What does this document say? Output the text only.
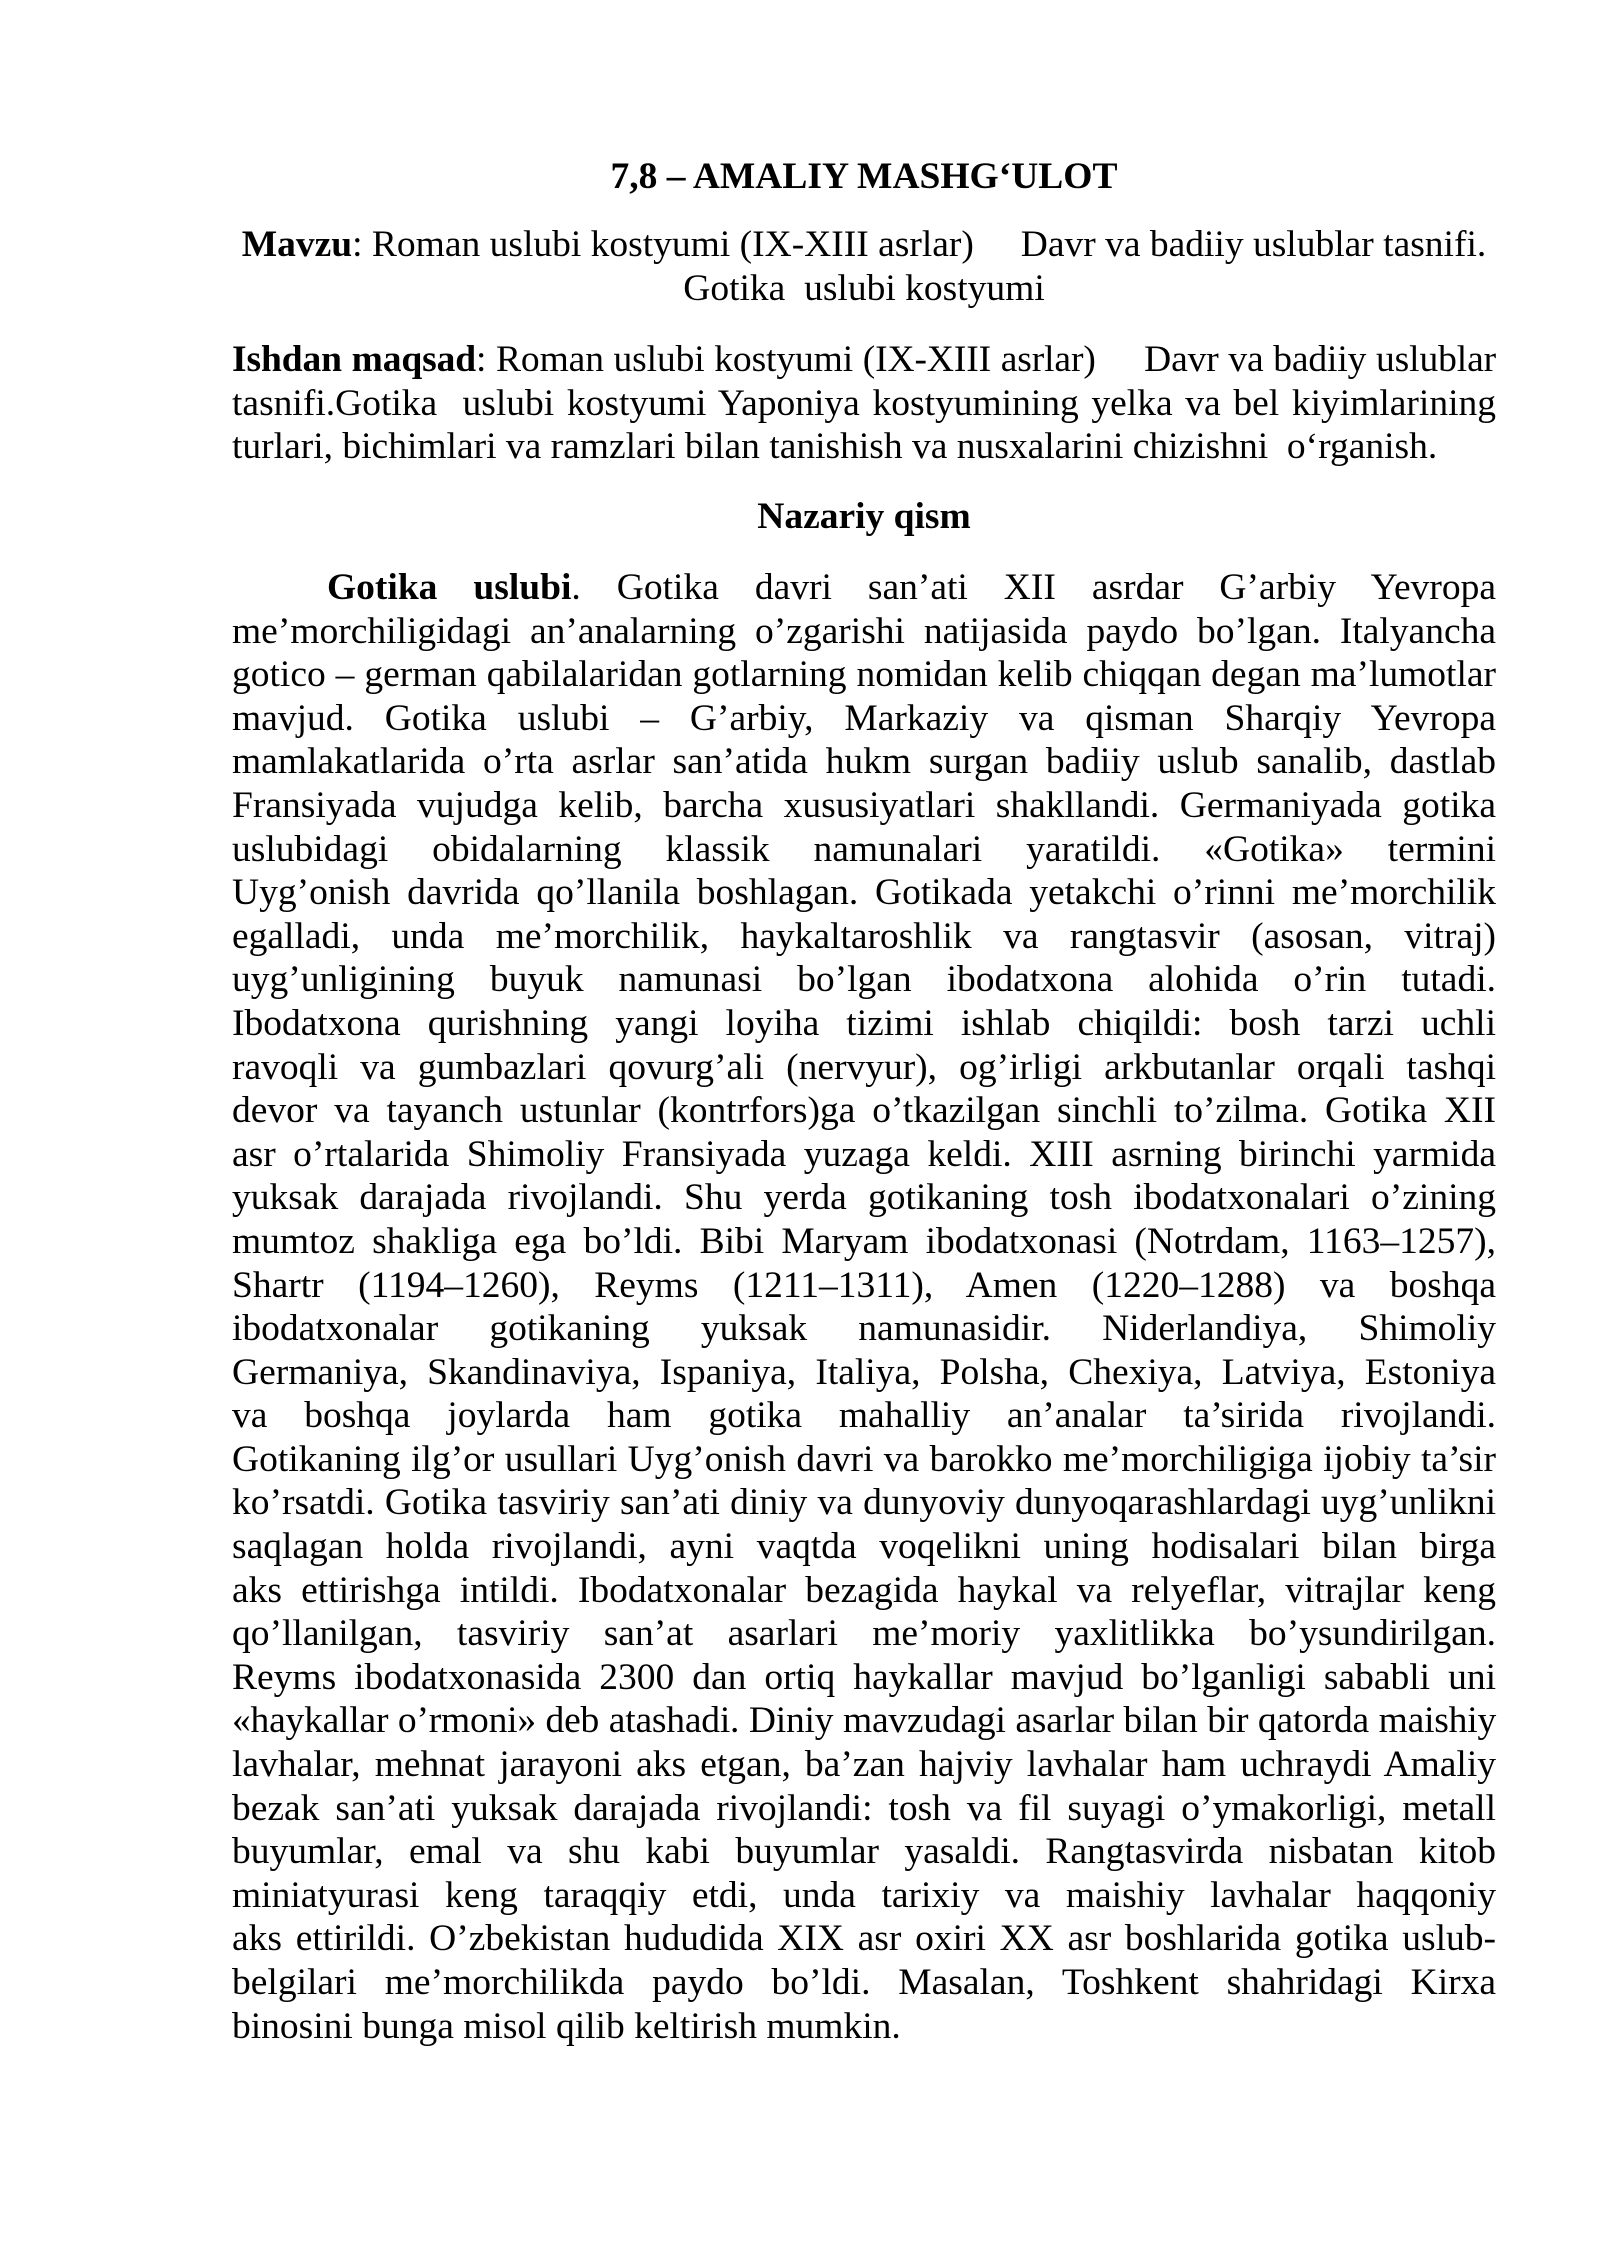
7,8 – AMALIY MASHG‘ULOT
Mavzu: Roman uslubi kostyumi (IX-XIII asrlar)     Davr va badiiy uslublar tasnifi.
Gotika  uslubi kostyumi
Ishdan maqsad: Roman uslubi kostyumi (IX-XIII asrlar)     Davr va badiiy uslublar
tasnifi.Gotika  uslubi kostyumi Yaponiya kostyumining yelka va bel kiyimlarining
turlari, bichimlari va ramzlari bilan tanishish va nusxalarini chizishni  o‘rganish.
Nazariy qism
Gotika uslubi. Gotika davri san’ati XII asrdar G’arbiy Yevropa
me’morchiligidagi an’analarning o’zgarishi natijasida paydo bo’lgan. Italyancha
gotico – german qabilalaridan gotlarning nomidan kelib chiqqan degan ma’lumotlar
mavjud. Gotika uslubi – G’arbiy, Markaziy va qisman Sharqiy Yevropa
mamlakatlarida o’rta asrlar san’atida hukm surgan badiiy uslub sanalib, dastlab
Fransiyada vujudga kelib, barcha xususiyatlari shakllandi. Germaniyada gotika
uslubidagi obidalarning klassik namunalari yaratildi. «Gotika» termini
Uyg’onish davrida qo’llanila boshlagan. Gotikada yetakchi o’rinni me’morchilik
egalladi, unda me’morchilik, haykaltaroshlik va rangtasvir (asosan, vitraj)
uyg’unligining buyuk namunasi bo’lgan ibodatxona alohida o’rin tutadi.
Ibodatxona qurishning yangi loyiha tizimi ishlab chiqildi: bosh tarzi uchli
ravoqli va gumbazlari qovurg’ali (nervyur), og’irligi arkbutanlar orqali tashqi
devor va tayanch ustunlar (kontrfors)ga o’tkazilgan sinchli to’zilma. Gotika XII
asr o’rtalarida Shimoliy Fransiyada yuzaga keldi. XIII asrning birinchi yarmida
yuksak darajada rivojlandi. Shu yerda gotikaning tosh ibodatxonalari o’zining
mumtoz shakliga ega bo’ldi. Bibi Maryam ibodatxonasi (Notrdam, 1163–1257),
Shartr (1194–1260), Reyms (1211–1311), Amen (1220–1288) va boshqa
ibodatxonalar gotikaning yuksak namunasidir. Niderlandiya, Shimoliy
Germaniya, Skandinaviya, Ispaniya, Italiya, Polsha, Chexiya, Latviya, Estoniya
va boshqa joylarda ham gotika mahalliy an’analar ta’sirida rivojlandi.
Gotikaning ilg’or usullari Uyg’onish davri va barokko me’morchiligiga ijobiy ta’sir
ko’rsatdi. Gotika tasviriy san’ati diniy va dunyoviy dunyoqarashlardagi uyg’unlikni
saqlagan holda rivojlandi, ayni vaqtda voqelikni uning hodisalari bilan birga
aks ettirishga intildi. Ibodatxonalar bezagida haykal va relyeflar, vitrajlar keng
qo’llanilgan, tasviriy san’at asarlari me’moriy yaxlitlikka bo’ysundirilgan.
Reyms ibodatxonasida 2300 dan ortiq haykallar mavjud bo’lganligi sababli uni
«haykallar o’rmoni» deb atashadi. Diniy mavzudagi asarlar bilan bir qatorda maishiy
lavhalar, mehnat jarayoni aks etgan, ba’zan hajviy lavhalar ham uchraydi Amaliy
bezak san’ati yuksak darajada rivojlandi: tosh va fil suyagi o’ymakorligi, metall
buyumlar, emal va shu kabi buyumlar yasaldi. Rangtasvirda nisbatan kitob
miniatyurasi keng taraqqiy etdi, unda tarixiy va maishiy lavhalar haqqoniy
aks ettirildi. O’zbekistan hududida XIX asr oxiri XX asr boshlarida gotika uslub-
belgilari me’morchilikda paydo bo’ldi. Masalan, Toshkent shahridagi Kirxa
binosini bunga misol qilib keltirish mumkin.
